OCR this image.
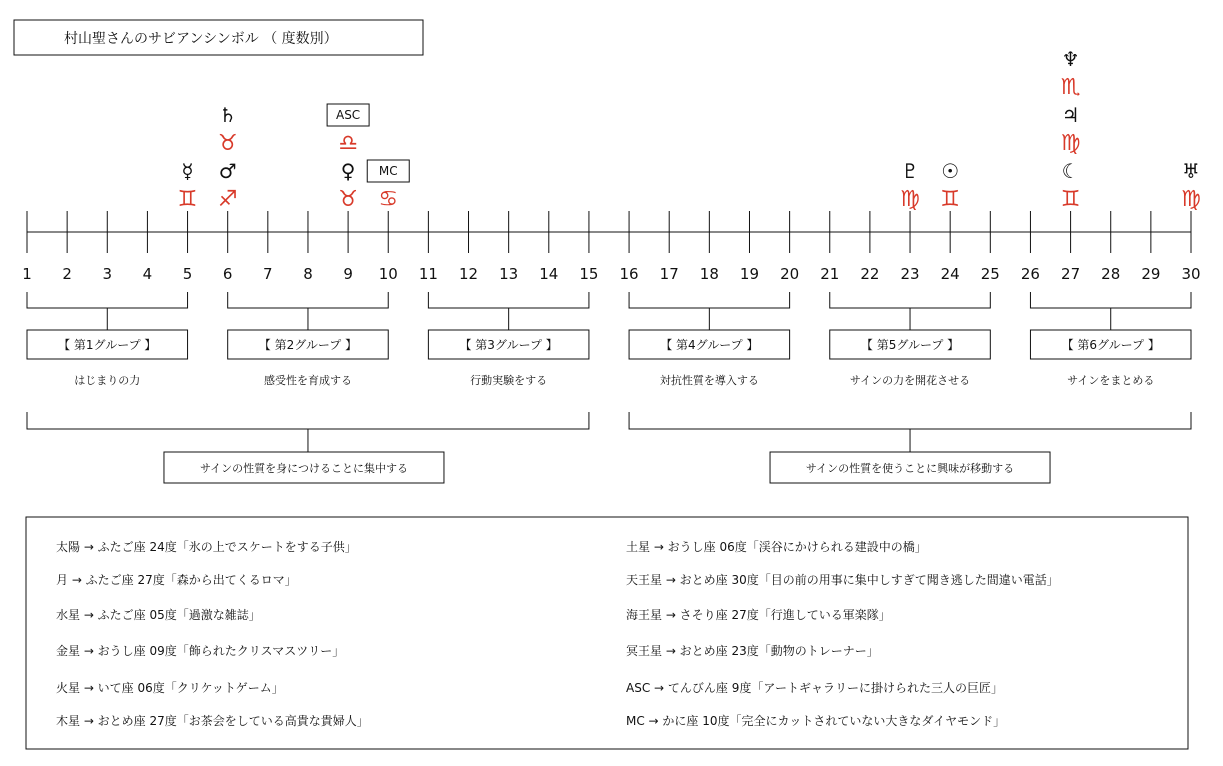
村山聖さんのサビアンシンボル （ 度数別）
1 2 3 4 5 6 7 8 9 10 11 12 13 14 15 16 17 18 19 20 21 22 23 24 25 26 27 28 29 30
♊
☿
♐
♂
♉
♄
♉
♀
♎
ASC
♋
MC
♍
♇
♊
☉
♊
☾
♍
♃
♏
♆
♍
♅
【 第1グループ 】
はじまりの力
【 第2グループ 】
感受性を育成する
【 第3グループ 】
行動実験をする
【 第4グループ 】
対抗性質を導入する
【 第5グループ 】
サインの力を開花させる
【 第6グループ 】
サインをまとめる
サインの性質を身につけることに集中する	サインの性質を使うことに興味が移動する
太陽 → ふたご座 24度「氷の上でスケートをする子供」
月 → ふたご座 27度「森から出てくるロマ」
水星 → ふたご座 05度「過激な雑誌」
金星 → おうし座 09度「飾られたクリスマスツリー」
火星 → いて座 06度「クリケットゲーム」
木星 → おとめ座 27度「お茶会をしている高貴な貴婦人」
土星 → おうし座 06度「渓谷にかけられる建設中の橋」
天王星 → おとめ座 30度「目の前の用事に集中しすぎて聞き逃した間違い電話」
海王星 → さそり座 27度「行進している軍楽隊」
冥王星 → おとめ座 23度「動物のトレーナー」
ASC → てんびん座 9度「アートギャラリーに掛けられた三人の巨匠」
MC → かに座 10度「完全にカットされていない大きなダイヤモンド」
